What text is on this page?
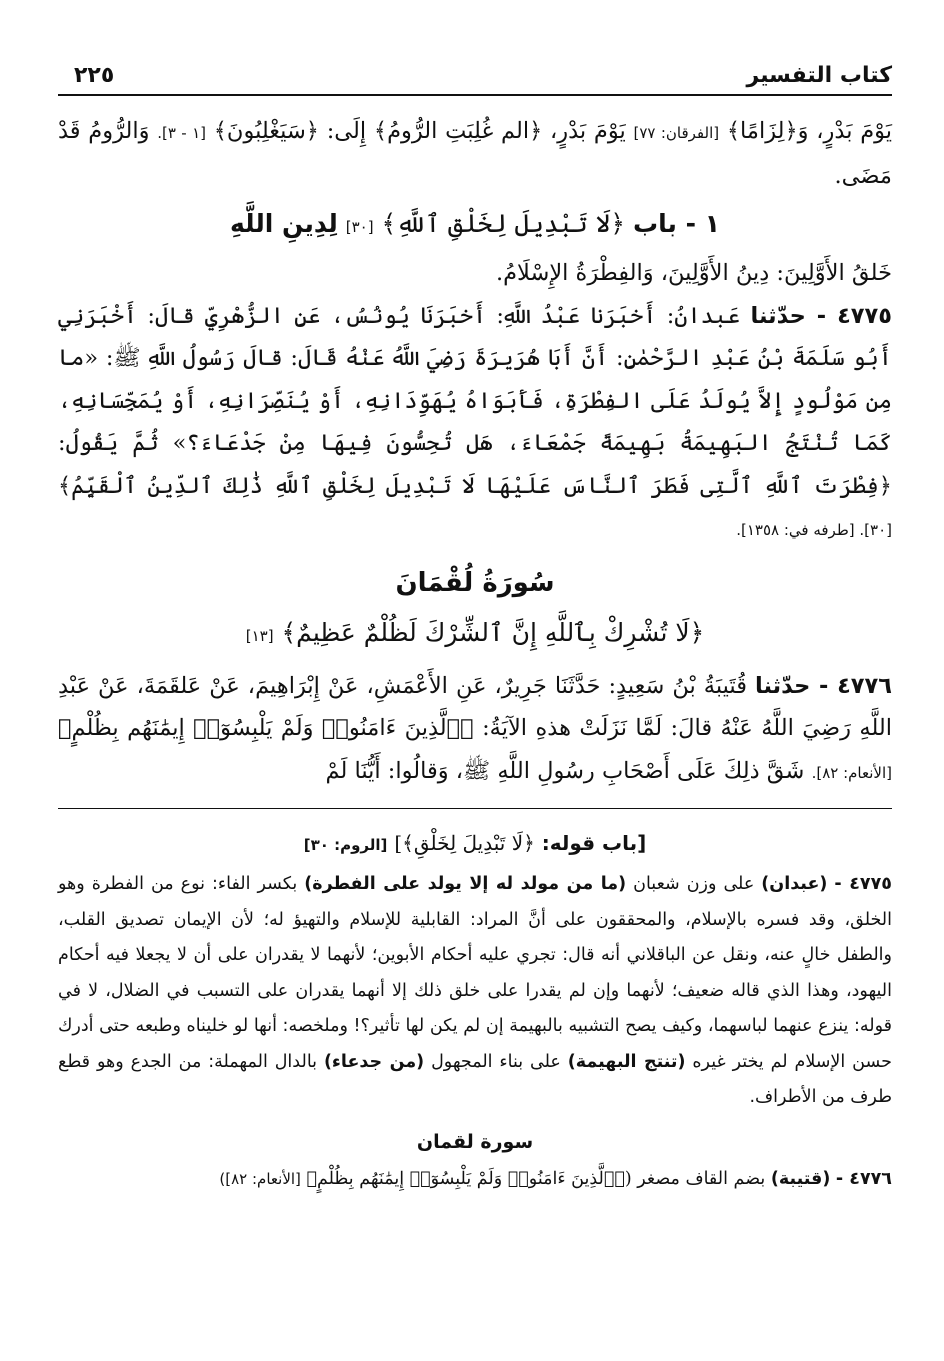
كتاب التفسير
٢٢٥

يَوْمَ بَدْرٍ، وَ﴿لِزَامًا﴾ [الفرقان: ٧٧] يَوْمَ بَدْرٍ، ﴿الم غُلِبَتِ الرُّومُ﴾ إِلَى: ﴿سَيَغْلِبُونَ﴾ [١ - ٣]. وَالرُّومُ قَدْ مَضَى.

١ - باب ﴿لَا تَبْدِيلَ لِخَلْقِ ٱللَّهِ﴾ [٣٠] لِدِينِ اللَّهِ

خَلقُ الأَوَّلِينَ: دِينُ الأَوَّلِينَ، وَالفِطْرَةُ الإِسْلَامُ.

٤٧٧٥ - حدّثنا عَبدانُ: أَخبَرَنا عَبْدُ اللَّهِ: أَخبَرَنَا يُونُسُ، عَنِ الزُّهْرِيِّ قالَ: أَخْبَرَنِي أَبُو سَلَمَةَ بْنُ عَبْدِ الرَّحْمٰنِ: أَنَّ أَبَا هُرَيرَةَ رَضِيَ اللَّهُ عَنْهُ قَالَ: قالَ رَسُولُ اللَّهِ ﷺ: «ما مِن مَوْلُودٍ إِلاَّ يُولَدُ عَلَى الفِطْرَةِ، فَأَبَوَاهُ يُهَوِّدَانِهِ، أَوْ يُنَصِّرَانِهِ، أَوْ يُمَجِّسَانِهِ، كَمَا تُنْتَجُ البَهِيمَةُ بَهِيمَةً جَمْعَاءَ، هَل تُحِسُّونَ فِيهَا مِنْ جَدْعَاءَ؟» ثُمَّ يَقُولُ: ﴿فِطْرَتَ ٱللَّهِ ٱلَّتِى فَطَرَ ٱلنَّاسَ عَلَيْهَا لَا تَبْدِيلَ لِخَلْقِ ٱللَّهِ ذَٰلِكَ ٱلدِّينُ ٱلْقَيِّمُ﴾ [٣٠]. [طرفه في: ١٣٥٨].

سُورَةُ لُقْمَانَ
﴿لَا تُشْرِكْ بِٱللَّهِ إِنَّ ٱلشِّرْكَ لَظُلْمٌ عَظِيمٌ﴾ [١٣]

٤٧٧٦ - حدّثنا قُتَيبَةُ بْنُ سَعِيدٍ: حَدَّثَنَا جَرِيرٌ، عَنِ الأَعْمَشِ، عَنْ إِبْرَاهِيمَ، عَنْ عَلقَمَةَ، عَنْ عَبْدِ اللَّهِ رَضِيَ اللَّهُ عَنْهُ قالَ: لَمَّا نَزَلَتْ هذهِ الآيَةُ: ﴿ٱلَّذِينَ ءَامَنُوا۟ وَلَمْ يَلْبِسُوٓا۟ إِيمَٰنَهُم بِظُلْمٍ﴾ [الأنعام: ٨٢]. شَقَّ ذلِكَ عَلَى أَصْحَابِ رسُولِ اللَّهِ ﷺ، وَقالُوا: أَيُّنَا لَمْ

[باب قوله: ﴿لَا تَبْدِيلَ لِخَلْقِ﴾] [الروم: ٣٠]

٤٧٧٥ - (عبدان) على وزن شعبان (ما من مولد له إلا يولد على الفطرة) بكسر الفاء: نوع من الفطرة وهو الخلق، وقد فسره بالإسلام، والمحققون على أنَّ المراد: القابلية للإسلام والتهيؤ له؛ لأن الإيمان تصديق القلب، والطفل خالٍ عنه، ونقل عن الباقلاني أنه قال: تجري عليه أحكام الأبوين؛ لأنهما لا يقدران على أن لا يجعلا فيه أحكام اليهود، وهذا الذي قاله ضعيف؛ لأنهما وإن لم يقدرا على خلق ذلك إلا أنهما يقدران على التسبب في الضلال، لا في قوله: ينزع عنهما لباسهما، وكيف يصح التشبيه بالبهيمة إن لم يكن لها تأثير؟! وملخصه: أنها لو خليناه وطبعه حتى أدرك حسن الإسلام لم يختر غيره (تنتج البهيمة) على بناء المجهول (من جدعاء) بالدال المهملة: من الجدع وهو قطع طرف من الأطراف.

سورة لقمان

٤٧٧٦ - (قتيبة) بضم القاف مصغر (﴿ٱلَّذِينَ ءَامَنُوا۟ وَلَمْ يَلْبِسُوٓا۟ إِيمَٰنَهُم بِظُلْمٍ﴾ [الأنعام: ٨٢])
